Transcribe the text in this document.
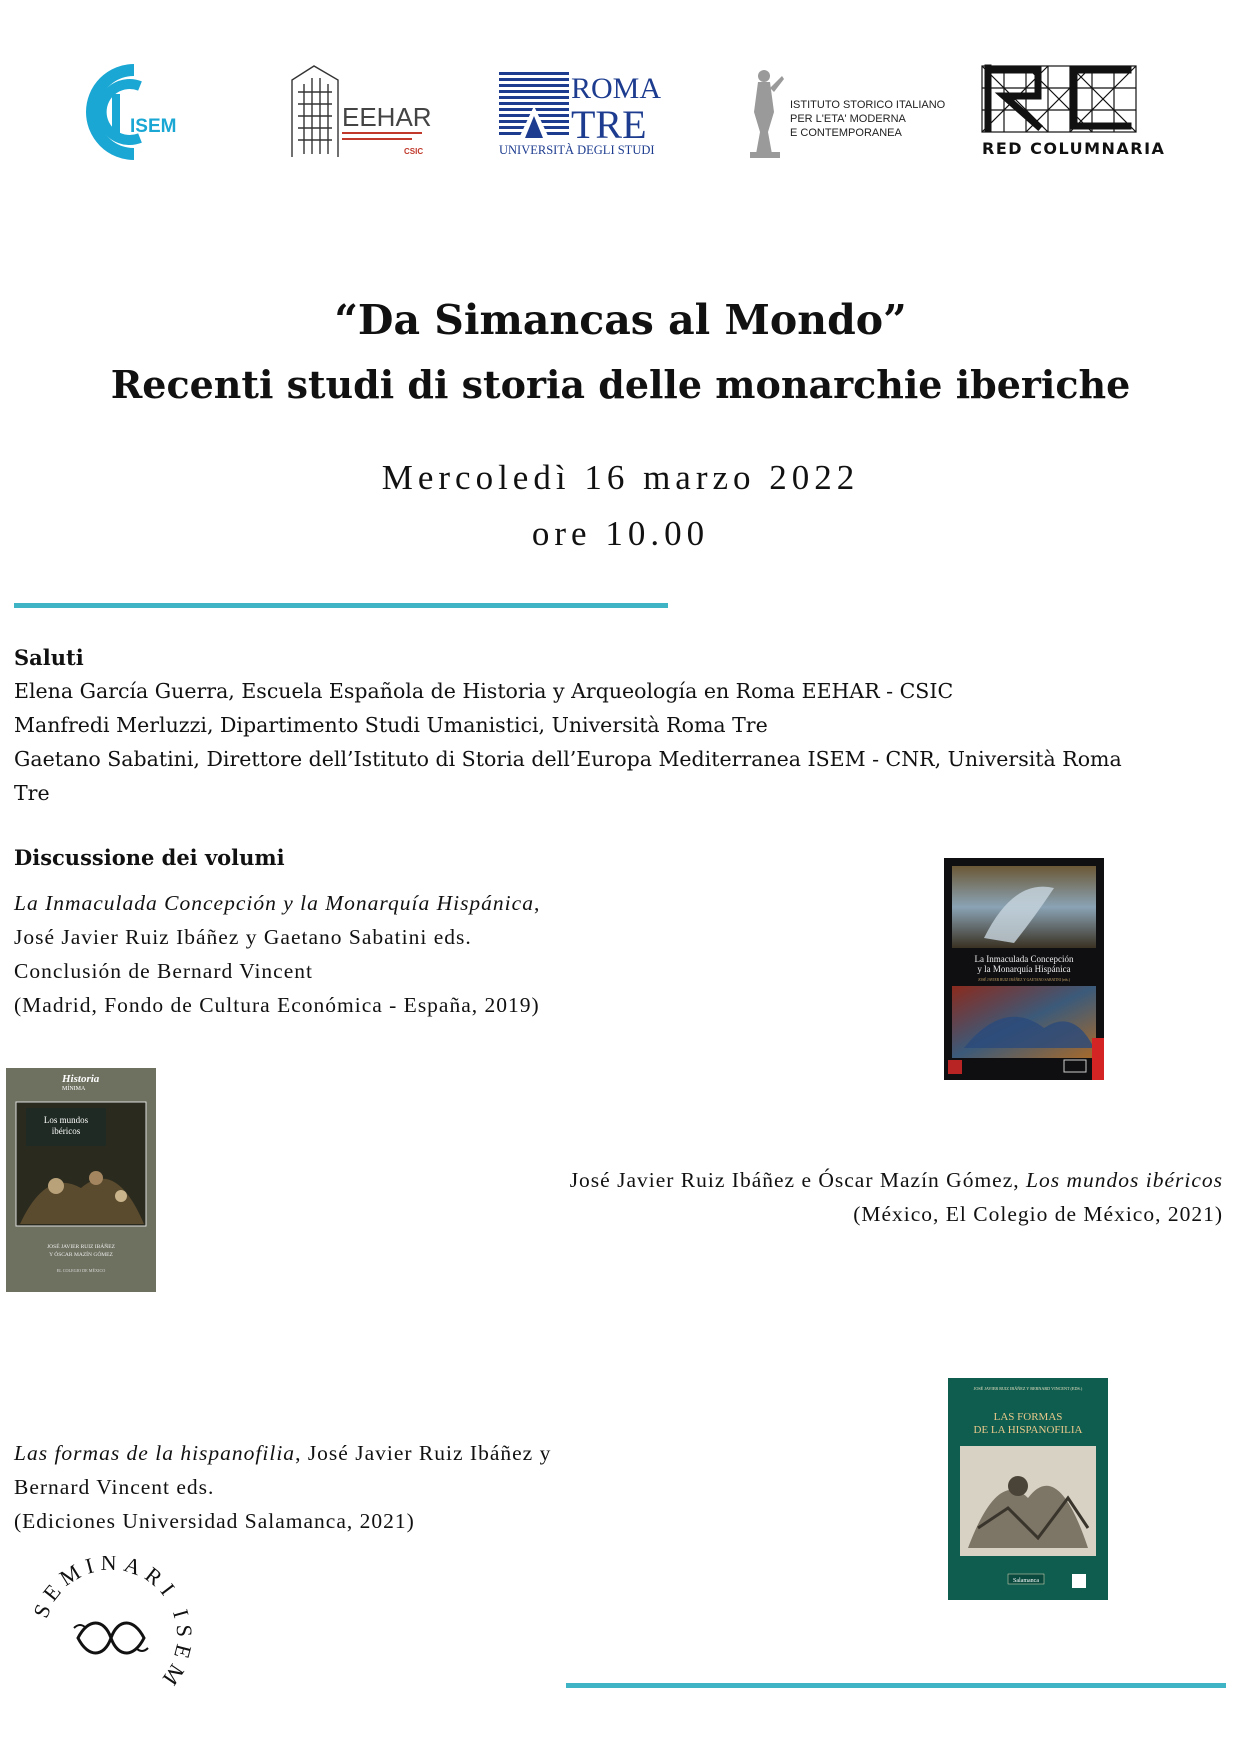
ISEM	EEHAR
CSIC
ROMA
TRE
UNIVERSITÀ DEGLI STUDI
ISTITUTO STORICO ITALIANO
PER L'ETA' MODERNA
E CONTEMPORANEA
RED COLUMNARIA
“Da Simancas al Mondo”
Recenti studi di storia delle monarchie iberiche
Mercoledì 16 marzo 2022
ore 10.00
Saluti
Elena García Guerra, Escuela Española de Historia y Arqueología en Roma EEHAR - CSIC
Manfredi Merluzzi, Dipartimento Studi Umanistici, Università Roma Tre
Gaetano Sabatini, Direttore dell’Istituto di Storia dell’Europa Mediterranea ISEM - CNR, Università Roma
Tre
Discussione dei volumi
La Inmaculada Concepción y la Monarquía Hispánica,
José Javier Ruiz Ibáñez y Gaetano Sabatini eds.
Conclusión de Bernard Vincent
(Madrid, Fondo de Cultura Económica - España, 2019)
La Inmaculada Concepción
y la Monarquía Hispánica
JOSÉ JAVIER RUIZ IBÁÑEZ Y GAETANO SABATINI (eds.)
Historia
MÍNIMA
Los mundos
ibéricos
JOSÉ JAVIER RUIZ IBÁÑEZ
Y ÓSCAR MAZÍN GÓMEZ
EL COLEGIO DE MÉXICO
José Javier Ruiz Ibáñez e Óscar Mazín Gómez, Los mundos ibéricos
(México, El Colegio de México, 2021)
JOSÉ JAVIER RUIZ IBÁÑEZ Y BERNARD VINCENT (EDS.)
LAS FORMAS
DE LA HISPANOFILIA
Salamanca
Las formas de la hispanofilia, José Javier Ruiz Ibáñez y
Bernard Vincent eds.
(Ediciones Universidad Salamanca, 2021)
SEMINARI I EM
